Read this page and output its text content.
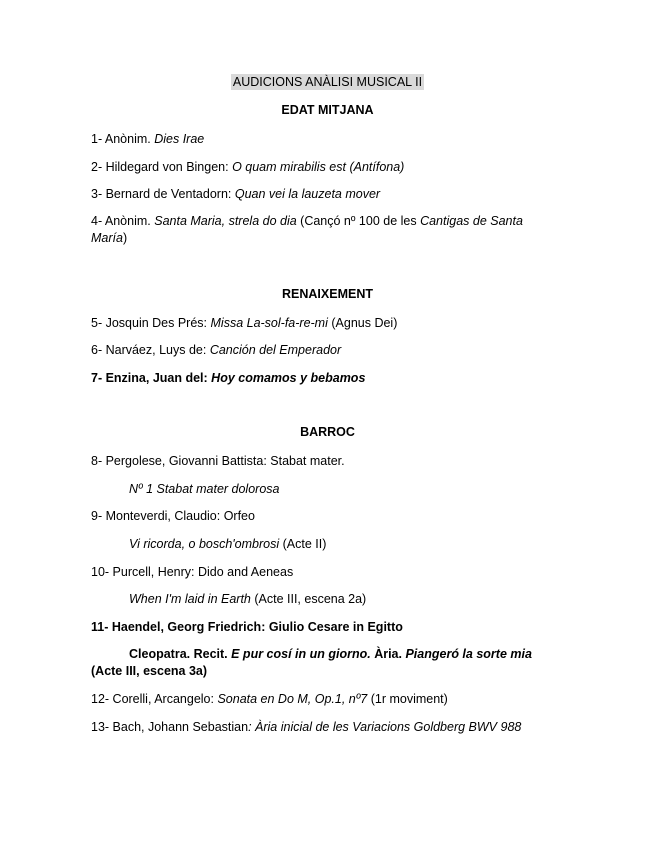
AUDICIONS ANÀLISI MUSICAL II
EDAT MITJANA
1- Anònim. Dies Irae
2- Hildegard von Bingen: O quam mirabilis est (Antífona)
3- Bernard de Ventadorn: Quan vei la lauzeta mover
4- Anònim. Santa Maria, strela do dia (Cançó nº 100 de les Cantigas de Santa María)
RENAIXEMENT
5- Josquin Des Prés: Missa La-sol-fa-re-mi (Agnus Dei)
6- Narváez, Luys de: Canción del Emperador
7- Enzina, Juan del: Hoy comamos y bebamos
BARROC
8- Pergolese, Giovanni Battista: Stabat mater.
Nº 1 Stabat mater dolorosa
9- Monteverdi, Claudio: Orfeo
Vi ricorda, o bosch'ombrosi (Acte II)
10- Purcell, Henry: Dido and Aeneas
When I'm laid in Earth (Acte III, escena 2a)
11- Haendel, Georg Friedrich: Giulio Cesare in Egitto
Cleopatra. Recit. E pur cosí in un giorno. Ària. Piangeró la sorte mia (Acte III, escena 3a)
12- Corelli, Arcangelo: Sonata en Do M, Op.1, nº7 (1r moviment)
13- Bach, Johann Sebastian: Ària inicial de les Variacions Goldberg BWV 988
